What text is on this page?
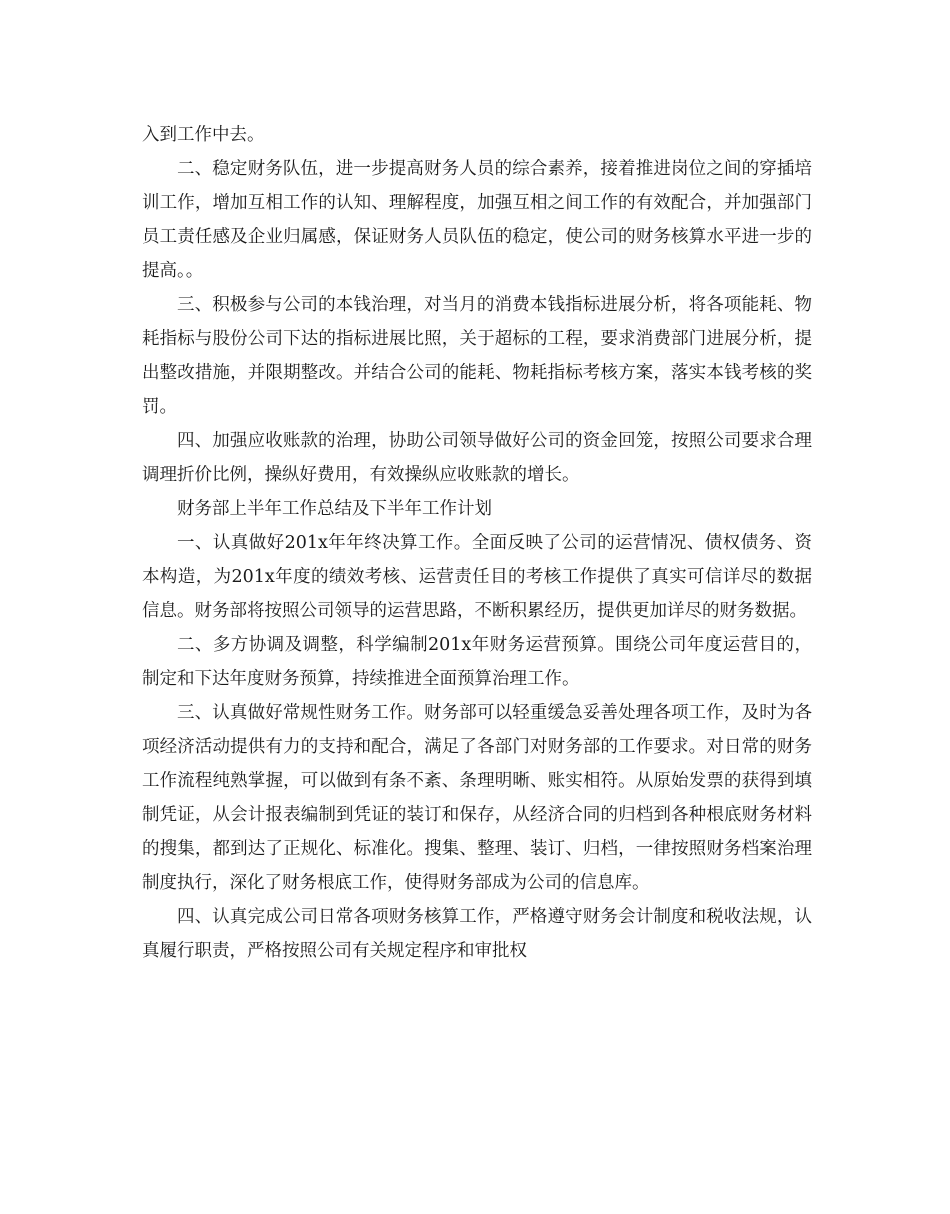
入到工作中去。

二、稳定财务队伍，进一步提高财务人员的综合素养，接着推进岗位之间的穿插培训工作，增加互相工作的认知、理解程度，加强互相之间工作的有效配合，并加强部门员工责任感及企业归属感，保证财务人员队伍的稳定，使公司的财务核算水平进一步的提高。。

三、积极参与公司的本钱治理，对当月的消费本钱指标进展分析，将各项能耗、物耗指标与股份公司下达的指标进展比照，关于超标的工程，要求消费部门进展分析，提出整改措施，并限期整改。并结合公司的能耗、物耗指标考核方案，落实本钱考核的奖罚。

四、加强应收账款的治理，协助公司领导做好公司的资金回笼，按照公司要求合理调理折价比例，操纵好费用，有效操纵应收账款的增长。

财务部上半年工作总结及下半年工作计划

一、认真做好201x年年终决算工作。全面反映了公司的运营情况、债权债务、资本构造，为201x年度的绩效考核、运营责任目的考核工作提供了真实可信详尽的数据信息。财务部将按照公司领导的运营思路，不断积累经历，提供更加详尽的财务数据。

二、多方协调及调整，科学编制201x年财务运营预算。围绕公司年度运营目的，制定和下达年度财务预算，持续推进全面预算治理工作。

三、认真做好常规性财务工作。财务部可以轻重缓急妥善处理各项工作，及时为各项经济活动提供有力的支持和配合，满足了各部门对财务部的工作要求。对日常的财务工作流程纯熟掌握，可以做到有条不紊、条理明晰、账实相符。从原始发票的获得到填制凭证，从会计报表编制到凭证的装订和保存，从经济合同的归档到各种根底财务材料的搜集，都到达了正规化、标准化。搜集、整理、装订、归档，一律按照财务档案治理制度执行，深化了财务根底工作，使得财务部成为公司的信息库。

四、认真完成公司日常各项财务核算工作，严格遵守财务会计制度和税收法规，认真履行职责，严格按照公司有关规定程序和审批权
